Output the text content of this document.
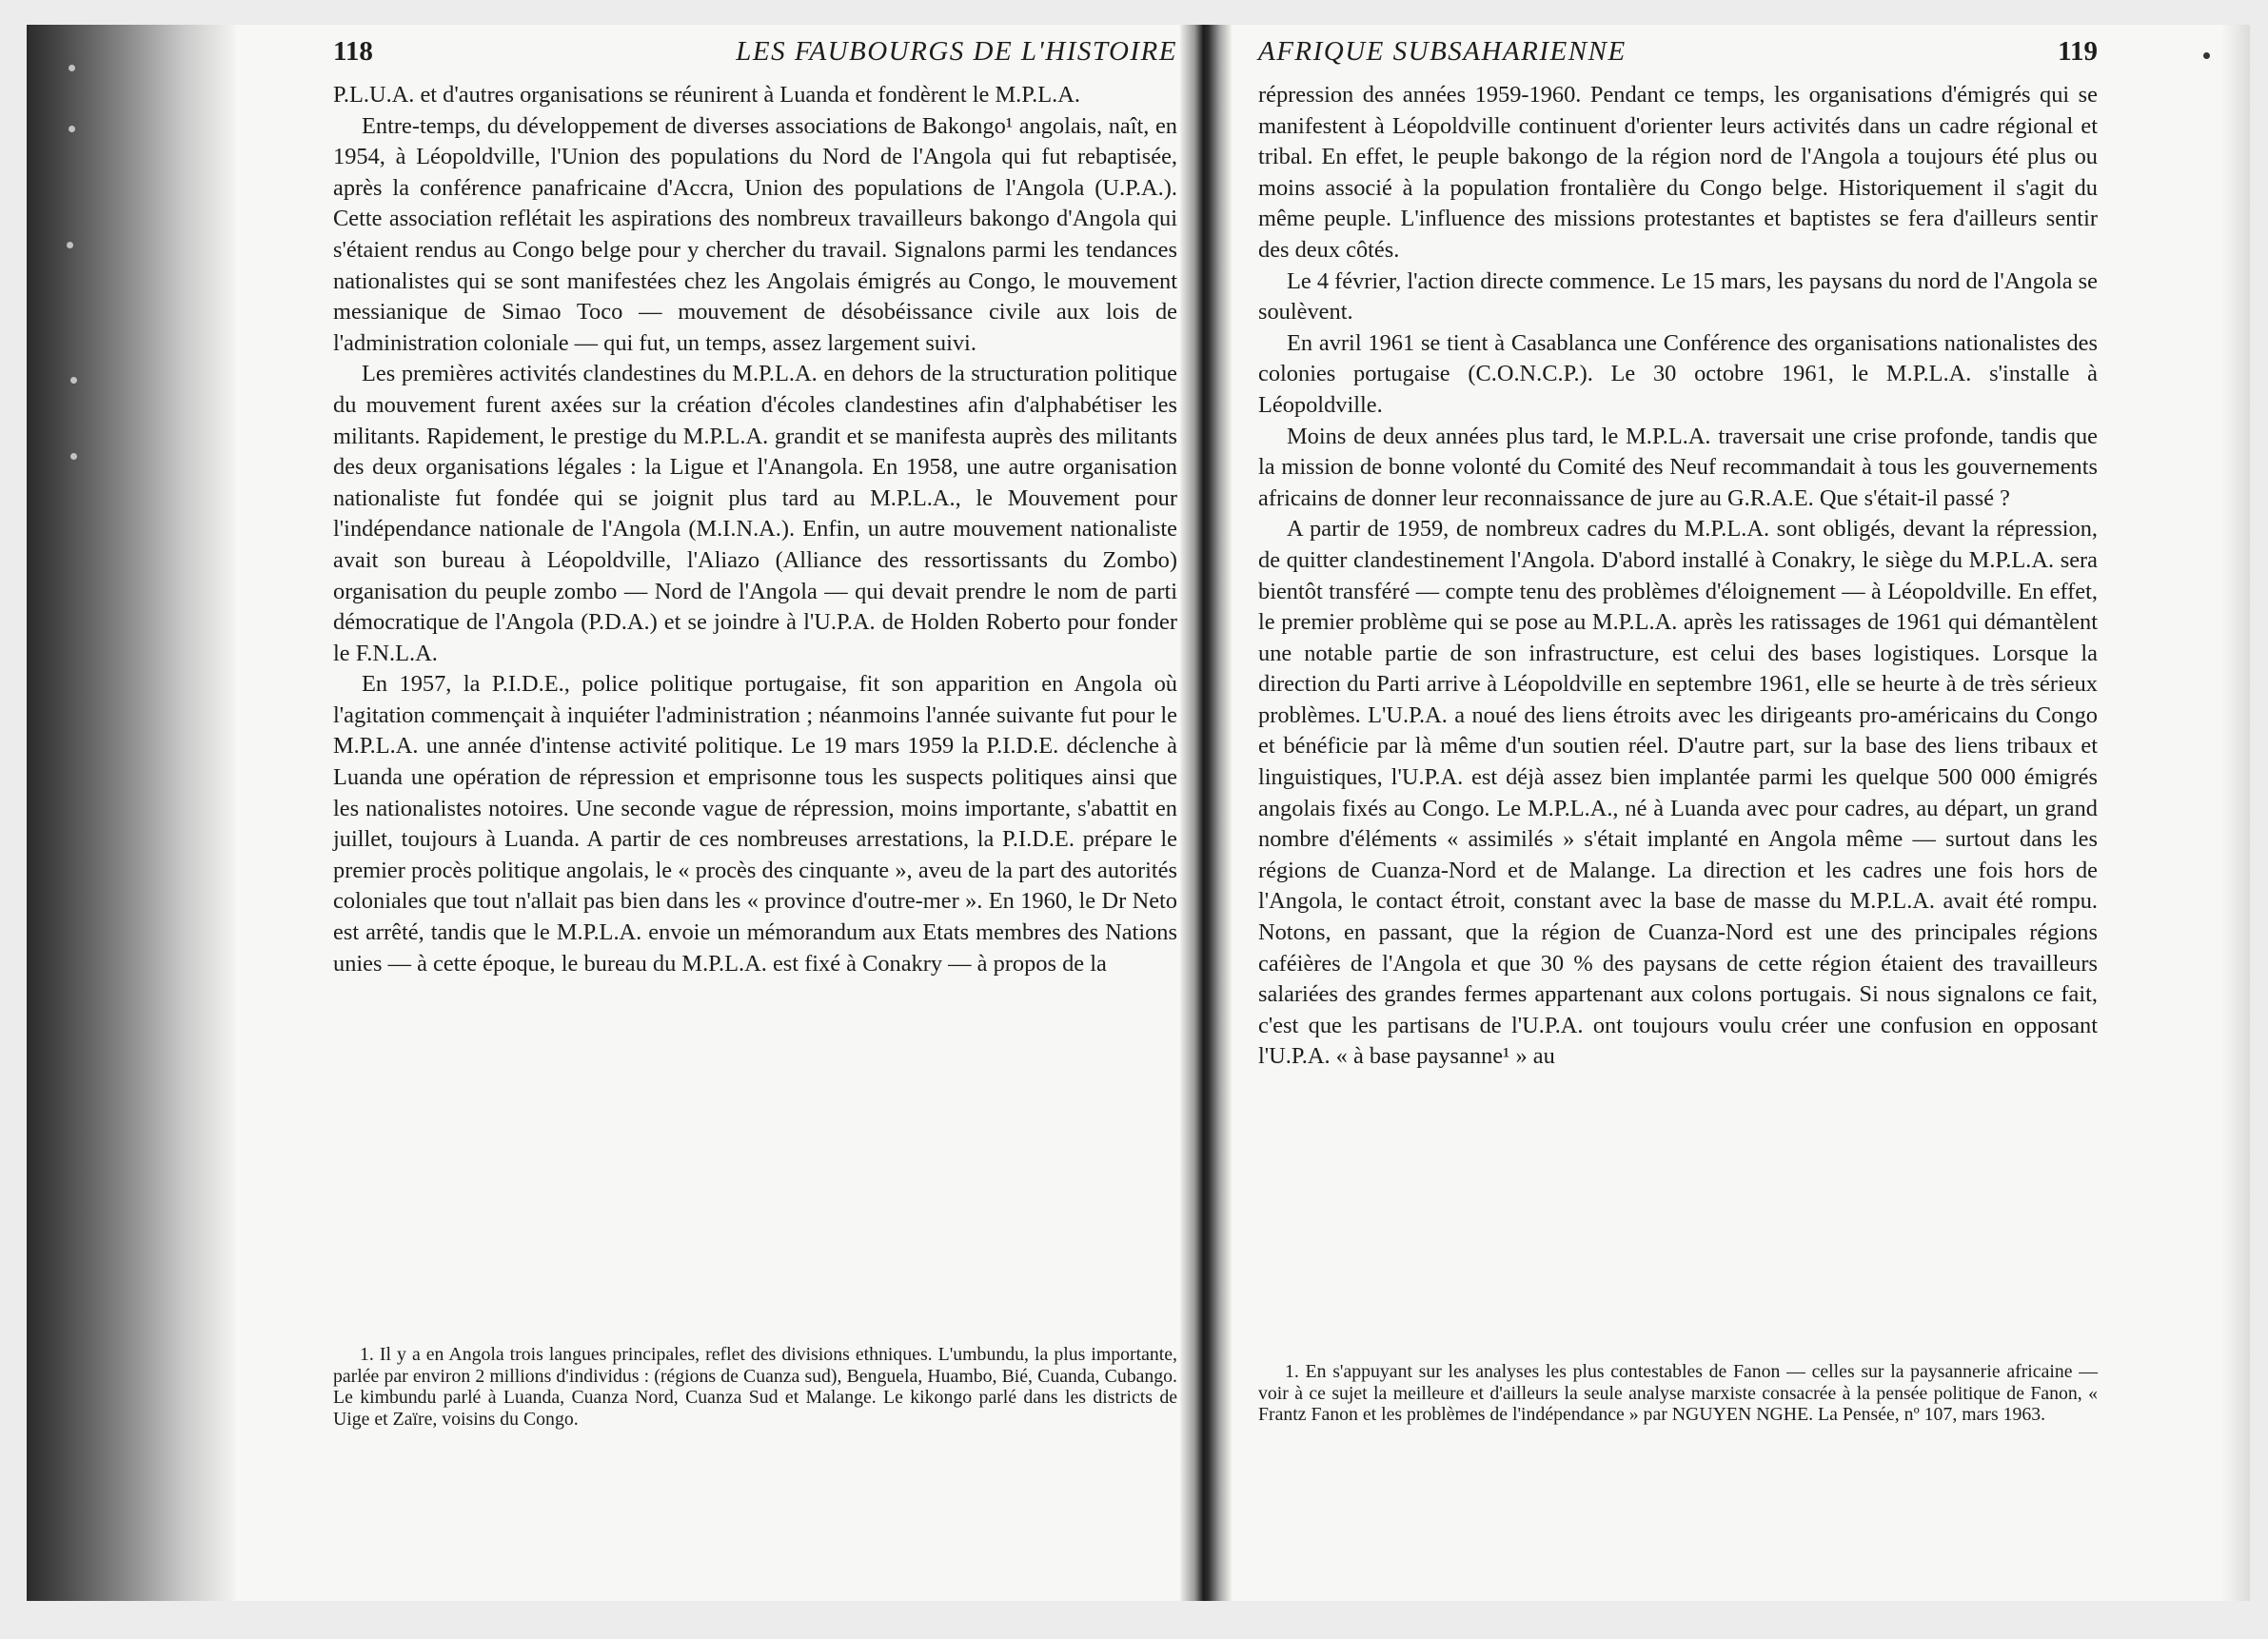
118	LES FAUBOURGS DE L'HISTOIRE

P.L.U.A. et d'autres organisations se réunirent à Luanda et fondèrent le M.P.L.A.

Entre-temps, du développement de diverses associations de Bakongo¹ angolais, naît, en 1954, à Léopoldville, l'Union des populations du Nord de l'Angola qui fut rebaptisée, après la conférence panafricaine d'Accra, Union des populations de l'Angola (U.P.A.). Cette association reflétait les aspirations des nombreux travailleurs bakongo d'Angola qui s'étaient rendus au Congo belge pour y chercher du travail. Signalons parmi les tendances nationalistes qui se sont manifestées chez les Angolais émigrés au Congo, le mouvement messianique de Simao Toco — mouvement de désobéissance civile aux lois de l'administration coloniale — qui fut, un temps, assez largement suivi.

Les premières activités clandestines du M.P.L.A. en dehors de la structuration politique du mouvement furent axées sur la création d'écoles clandestines afin d'alphabétiser les militants. Rapidement, le prestige du M.P.L.A. grandit et se manifesta auprès des militants des deux organisations légales : la Ligue et l'Anangola. En 1958, une autre organisation nationaliste fut fondée qui se joignit plus tard au M.P.L.A., le Mouvement pour l'indépendance nationale de l'Angola (M.I.N.A.). Enfin, un autre mouvement nationaliste avait son bureau à Léopoldville, l'Aliazo (Alliance des ressortissants du Zombo) organisation du peuple zombo — Nord de l'Angola — qui devait prendre le nom de parti démocratique de l'Angola (P.D.A.) et se joindre à l'U.P.A. de Holden Roberto pour fonder le F.N.L.A.

En 1957, la P.I.D.E., police politique portugaise, fit son apparition en Angola où l'agitation commençait à inquiéter l'administration ; néanmoins l'année suivante fut pour le M.P.L.A. une année d'intense activité politique. Le 19 mars 1959 la P.I.D.E. déclenche à Luanda une opération de répression et emprisonne tous les suspects politiques ainsi que les nationalistes notoires. Une seconde vague de répression, moins importante, s'abattit en juillet, toujours à Luanda. A partir de ces nombreuses arrestations, la P.I.D.E. prépare le premier procès politique angolais, le « procès des cinquante », aveu de la part des autorités coloniales que tout n'allait pas bien dans les « province d'outre-mer ». En 1960, le Dr Neto est arrêté, tandis que le M.P.L.A. envoie un mémorandum aux Etats membres des Nations unies — à cette époque, le bureau du M.P.L.A. est fixé à Conakry — à propos de la

1. Il y a en Angola trois langues principales, reflet des divisions ethniques. L'umbundu, la plus importante, parlée par environ 2 millions d'individus : (régions de Cuanza sud), Benguela, Huambo, Bié, Cuanda, Cubango. Le kimbundu parlé à Luanda, Cuanza Nord, Cuanza Sud et Malange. Le kikongo parlé dans les districts de Uige et Zaïre, voisins du Congo.

AFRIQUE SUBSAHARIENNE	119

répression des années 1959-1960. Pendant ce temps, les organisations d'émigrés qui se manifestent à Léopoldville continuent d'orienter leurs activités dans un cadre régional et tribal. En effet, le peuple bakongo de la région nord de l'Angola a toujours été plus ou moins associé à la population frontalière du Congo belge. Historiquement il s'agit du même peuple. L'influence des missions protestantes et baptistes se fera d'ailleurs sentir des deux côtés.

Le 4 février, l'action directe commence. Le 15 mars, les paysans du nord de l'Angola se soulèvent.

En avril 1961 se tient à Casablanca une Conférence des organisations nationalistes des colonies portugaise (C.O.N.C.P.). Le 30 octobre 1961, le M.P.L.A. s'installe à Léopoldville.

Moins de deux années plus tard, le M.P.L.A. traversait une crise profonde, tandis que la mission de bonne volonté du Comité des Neuf recommandait à tous les gouvernements africains de donner leur reconnaissance de jure au G.R.A.E. Que s'était-il passé ?

A partir de 1959, de nombreux cadres du M.P.L.A. sont obligés, devant la répression, de quitter clandestinement l'Angola. D'abord installé à Conakry, le siège du M.P.L.A. sera bientôt transféré — compte tenu des problèmes d'éloignement — à Léopoldville. En effet, le premier problème qui se pose au M.P.L.A. après les ratissages de 1961 qui démantèlent une notable partie de son infrastructure, est celui des bases logistiques. Lorsque la direction du Parti arrive à Léopoldville en septembre 1961, elle se heurte à de très sérieux problèmes. L'U.P.A. a noué des liens étroits avec les dirigeants pro-américains du Congo et bénéficie par là même d'un soutien réel. D'autre part, sur la base des liens tribaux et linguistiques, l'U.P.A. est déjà assez bien implantée parmi les quelque 500 000 émigrés angolais fixés au Congo. Le M.P.L.A., né à Luanda avec pour cadres, au départ, un grand nombre d'éléments « assimilés » s'était implanté en Angola même — surtout dans les régions de Cuanza-Nord et de Malange. La direction et les cadres une fois hors de l'Angola, le contact étroit, constant avec la base de masse du M.P.L.A. avait été rompu. Notons, en passant, que la région de Cuanza-Nord est une des principales régions caféières de l'Angola et que 30 % des paysans de cette région étaient des travailleurs salariées des grandes fermes appartenant aux colons portugais. Si nous signalons ce fait, c'est que les partisans de l'U.P.A. ont toujours voulu créer une confusion en opposant l'U.P.A. « à base paysanne¹ » au

1. En s'appuyant sur les analyses les plus contestables de Fanon — celles sur la paysannerie africaine — voir à ce sujet la meilleure et d'ailleurs la seule analyse marxiste consacrée à la pensée politique de Fanon, « Frantz Fanon et les problèmes de l'indépendance » par NGUYEN NGHE. La Pensée, nº 107, mars 1963.
